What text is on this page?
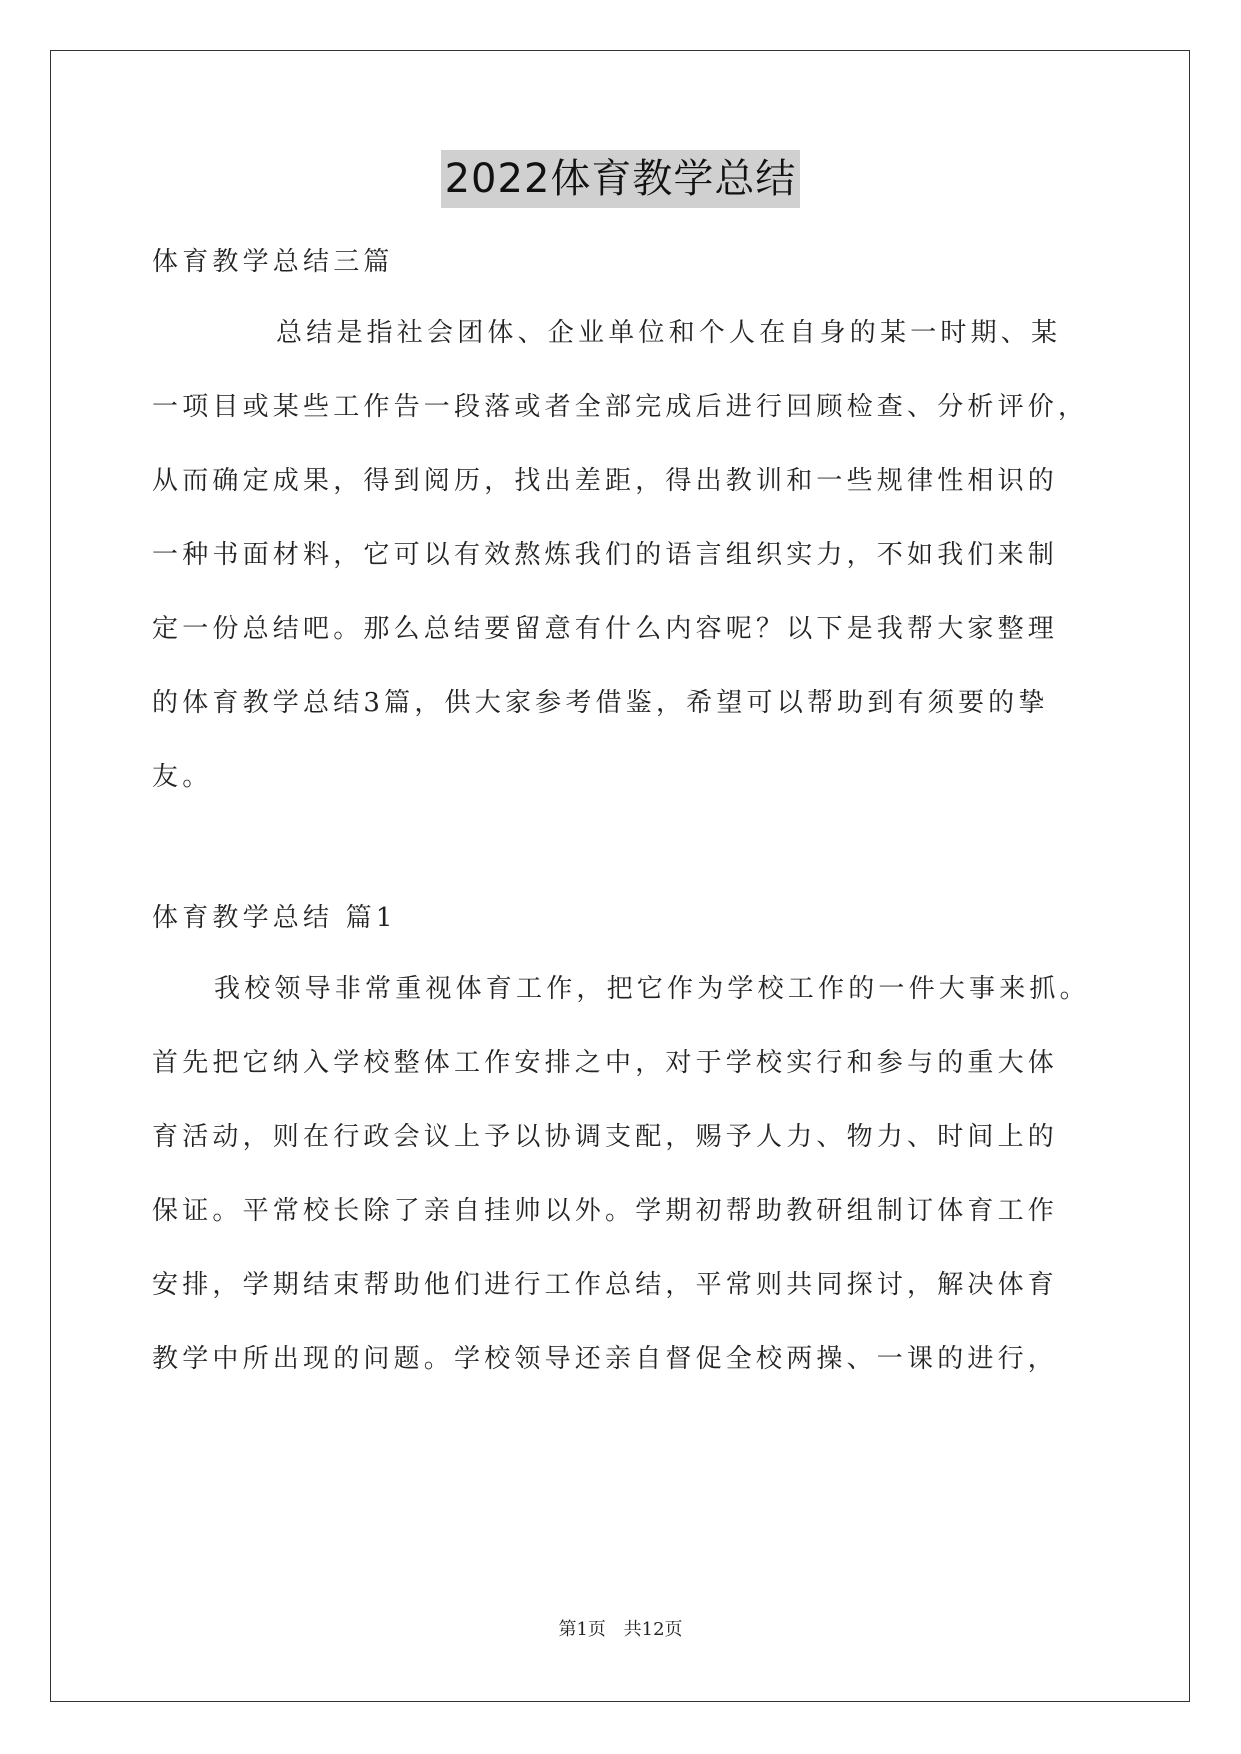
2022体育教学总结
体育教学总结三篇
总结是指社会团体、企业单位和个人在自身的某一时期、某
一项目或某些工作告一段落或者全部完成后进行回顾检查、分析评价，
从而确定成果，得到阅历，找出差距，得出教训和一些规律性相识的
一种书面材料，它可以有效熬炼我们的语言组织实力，不如我们来制
定一份总结吧。那么总结要留意有什么内容呢？以下是我帮大家整理
的体育教学总结3篇，供大家参考借鉴，希望可以帮助到有须要的挚
友。
体育教学总结 篇1
我校领导非常重视体育工作，把它作为学校工作的一件大事来抓。
首先把它纳入学校整体工作安排之中，对于学校实行和参与的重大体
育活动，则在行政会议上予以协调支配，赐予人力、物力、时间上的
保证。平常校长除了亲自挂帅以外。学期初帮助教研组制订体育工作
安排，学期结束帮助他们进行工作总结，平常则共同探讨，解决体育
教学中所出现的问题。学校领导还亲自督促全校两操、一课的进行，
第1页 共12页
